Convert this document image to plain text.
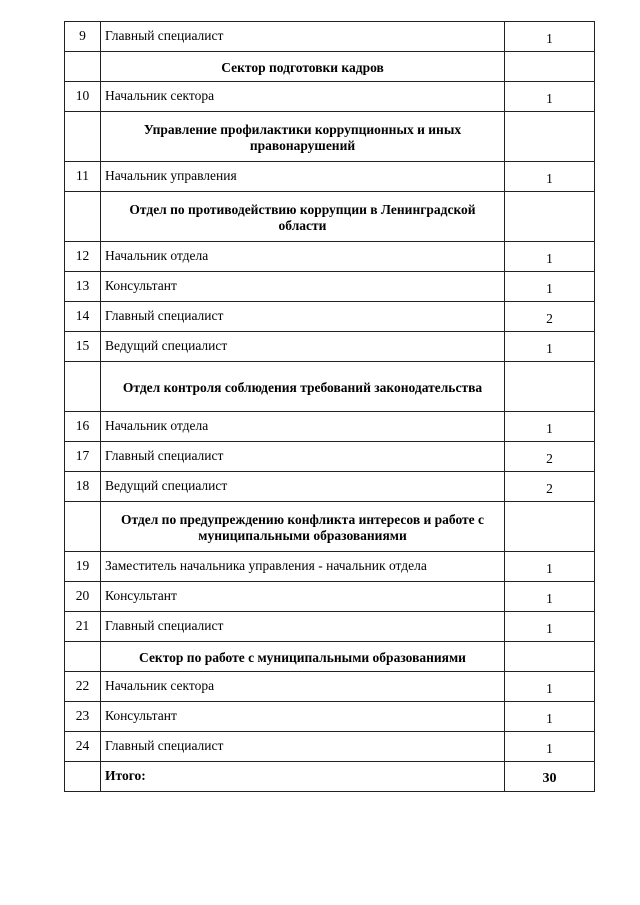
9	Главный специалист	1
Сектор подготовки кадров
10	Начальник сектора	1
Управление профилактики коррупционных и иных правонарушений
11	Начальник управления	1
Отдел по противодействию коррупции в Ленинградской области
12	Начальник отдела	1
13	Консультант	1
14	Главный специалист	2
15	Ведущий специалист	1
Отдел контроля соблюдения требований законодательства
16	Начальник отдела	1
17	Главный специалист	2
18	Ведущий специалист	2
Отдел по предупреждению конфликта интересов и работе с муниципальными образованиями
19	Заместитель начальника управления - начальник отдела	1
20	Консультант	1
21	Главный специалист	1
Сектор по работе с муниципальными образованиями
22	Начальник сектора	1
23	Консультант	1
24	Главный специалист	1
Итого:	30
